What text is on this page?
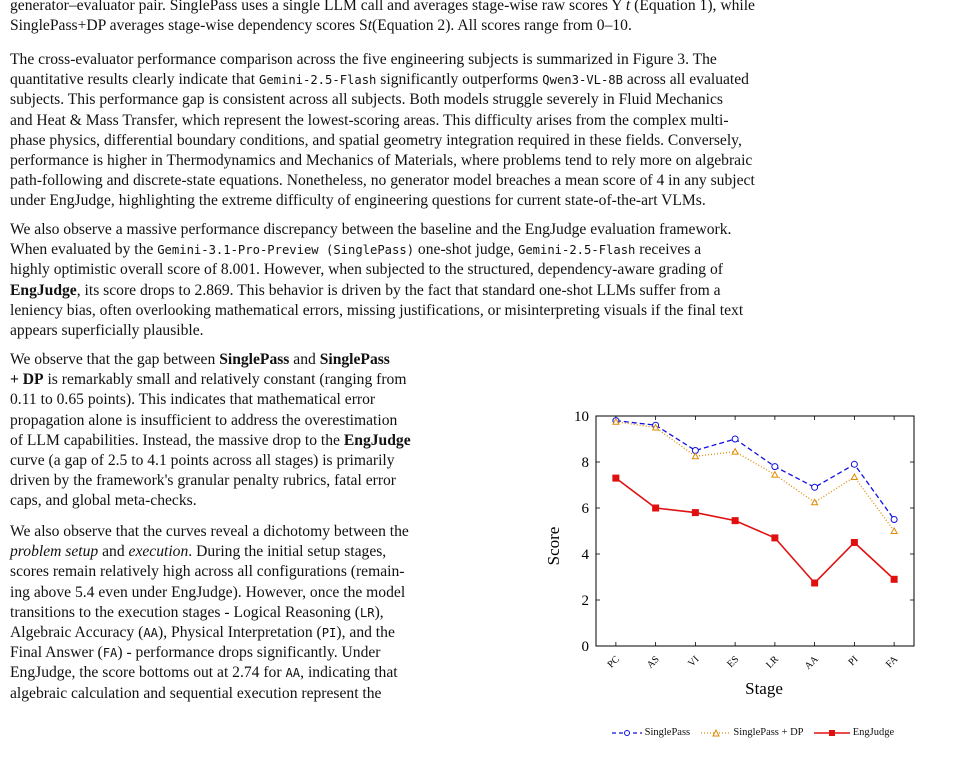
generator–evaluator pair. SinglePass uses a single LLM call and averages stage-wise raw scores Y t (Equation 1), while
SinglePass+DP averages stage-wise dependency scores St(Equation 2). All scores range from 0–10.
The cross-evaluator performance comparison across the five engineering subjects is summarized in Figure 3. The
quantitative results clearly indicate that Gemini-2.5-Flash significantly outperforms Qwen3-VL-8B across all evaluated
subjects. This performance gap is consistent across all subjects. Both models struggle severely in Fluid Mechanics
and Heat & Mass Transfer, which represent the lowest-scoring areas. This difficulty arises from the complex multi-
phase physics, differential boundary conditions, and spatial geometry integration required in these fields. Conversely,
performance is higher in Thermodynamics and Mechanics of Materials, where problems tend to rely more on algebraic
path-following and discrete-state equations. Nonetheless, no generator model breaches a mean score of 4 in any subject
under EngJudge, highlighting the extreme difficulty of engineering questions for current state-of-the-art VLMs.
We also observe a massive performance discrepancy between the baseline and the EngJudge evaluation framework.
When evaluated by the Gemini-3.1-Pro-Preview (SinglePass) one-shot judge, Gemini-2.5-Flash receives a
highly optimistic overall score of 8.001. However, when subjected to the structured, dependency-aware grading of
EngJudge, its score drops to 2.869. This behavior is driven by the fact that standard one-shot LLMs suffer from a
leniency bias, often overlooking mathematical errors, missing justifications, or misinterpreting visuals if the final text
appears superficially plausible.
We observe that the gap between SinglePass and SinglePass
+ DP is remarkably small and relatively constant (ranging from
0.11 to 0.65 points). This indicates that mathematical error
propagation alone is insufficient to address the overestimation
of LLM capabilities. Instead, the massive drop to the EngJudge
curve (a gap of 2.5 to 4.1 points across all stages) is primarily
driven by the framework's granular penalty rubrics, fatal error
caps, and global meta-checks.
We also observe that the curves reveal a dichotomy between the
problem setup and execution. During the initial setup stages,
scores remain relatively high across all configurations (remain-
ing above 5.4 even under EngJudge). However, once the model
transitions to the execution stages - Logical Reasoning (LR),
Algebraic Accuracy (AA), Physical Interpretation (PI), and the
Final Answer (FA) - performance drops significantly. Under
EngJudge, the score bottoms out at 2.74 for AA, indicating that
algebraic calculation and sequential execution represent the
0
2
4
6
8
10
PC AS VI ES LR AA	PI FA
Score
Stage
SinglePass	SinglePass + DP	EngJudge
